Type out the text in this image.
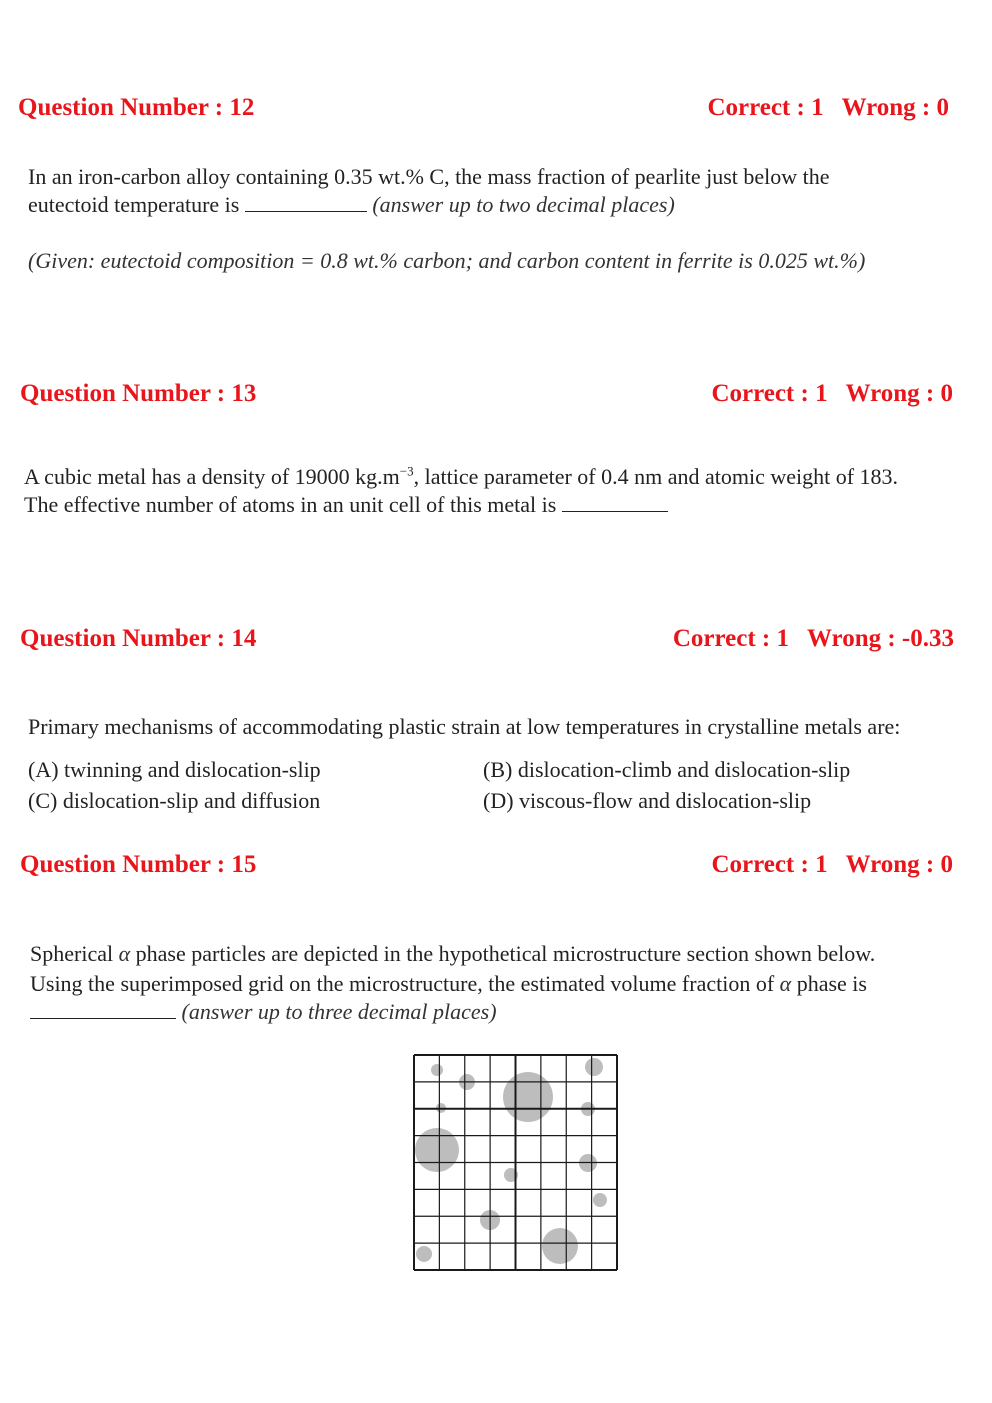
Question Number : 12	Correct : 1 Wrong : 0
In an iron-carbon alloy containing 0.35 wt.% C, the mass fraction of pearlite just below the
eutectoid temperature is	(answer up to two decimal places)
(Given: eutectoid composition = 0.8 wt.% carbon; and carbon content in ferrite is 0.025 wt.%)
Question Number : 13	Correct : 1 Wrong : 0
A cubic metal has a density of 19000 $kg.m^{-3}$, lattice parameter of 0.4 nm and atomic weight of 183.
The effective number of atoms in an unit cell of this metal is
Question Number : 14	Correct : 1 Wrong : -0.33
Primary mechanisms of accommodating plastic strain at low temperatures in crystalline metals are:
(A) twinning and dislocation-slip	(B) dislocation-climb and dislocation-slip
(C) dislocation-slip and diffusion	(D) viscous-flow and dislocation-slip
Question Number : 15	Correct : 1 Wrong : 0
Spherical α phase particles are depicted in the hypothetical microstructure section shown below.
Using the superimposed grid on the microstructure, the estimated volume fraction of α phase is
(answer up to three decimal places)
